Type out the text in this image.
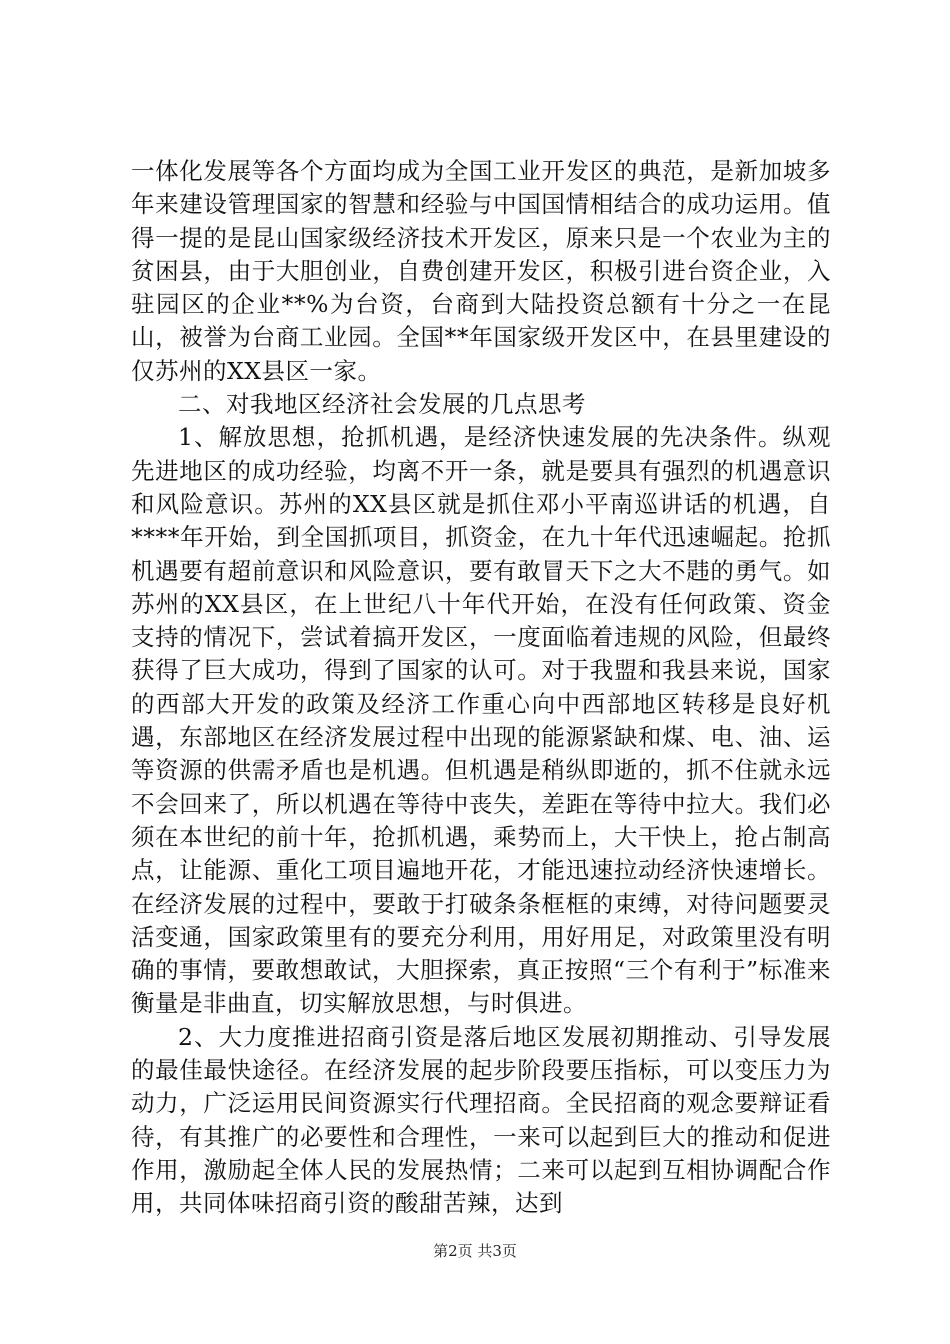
一体化发展等各个方面均成为全国工业开发区的典范，是新加坡多年来建设管理国家的智慧和经验与中国国情相结合的成功运用。值得一提的是昆山国家级经济技术开发区，原来只是一个农业为主的贫困县，由于大胆创业，自费创建开发区，积极引进台资企业，入驻园区的企业**%为台资，台商到大陆投资总额有十分之一在昆山，被誉为台商工业园。全国**年国家级开发区中，在县里建设的仅苏州的XX县区一家。

二、对我地区经济社会发展的几点思考

1、解放思想，抢抓机遇，是经济快速发展的先决条件。纵观先进地区的成功经验，均离不开一条，就是要具有强烈的机遇意识和风险意识。苏州的XX县区就是抓住邓小平南巡讲话的机遇，自****年开始，到全国抓项目，抓资金，在九十年代迅速崛起。抢抓机遇要有超前意识和风险意识，要有敢冒天下之大不韪的勇气。如苏州的XX县区，在上世纪八十年代开始，在没有任何政策、资金支持的情况下，尝试着搞开发区，一度面临着违规的风险，但最终获得了巨大成功，得到了国家的认可。对于我盟和我县来说，国家的西部大开发的政策及经济工作重心向中西部地区转移是良好机遇，东部地区在经济发展过程中出现的能源紧缺和煤、电、油、运等资源的供需矛盾也是机遇。但机遇是稍纵即逝的，抓不住就永远不会回来了，所以机遇在等待中丧失，差距在等待中拉大。我们必须在本世纪的前十年，抢抓机遇，乘势而上，大干快上，抢占制高点，让能源、重化工项目遍地开花，才能迅速拉动经济快速增长。在经济发展的过程中，要敢于打破条条框框的束缚，对待问题要灵活变通，国家政策里有的要充分利用，用好用足，对政策里没有明确的事情，要敢想敢试，大胆探索，真正按照“三个有利于”标准来衡量是非曲直，切实解放思想，与时俱进。

2、大力度推进招商引资是落后地区发展初期推动、引导发展的最佳最快途径。在经济发展的起步阶段要压指标，可以变压力为动力，广泛运用民间资源实行代理招商。全民招商的观念要辩证看待，有其推广的必要性和合理性，一来可以起到巨大的推动和促进作用，激励起全体人民的发展热情；二来可以起到互相协调配合作用，共同体味招商引资的酸甜苦辣，达到

第2页 共3页
